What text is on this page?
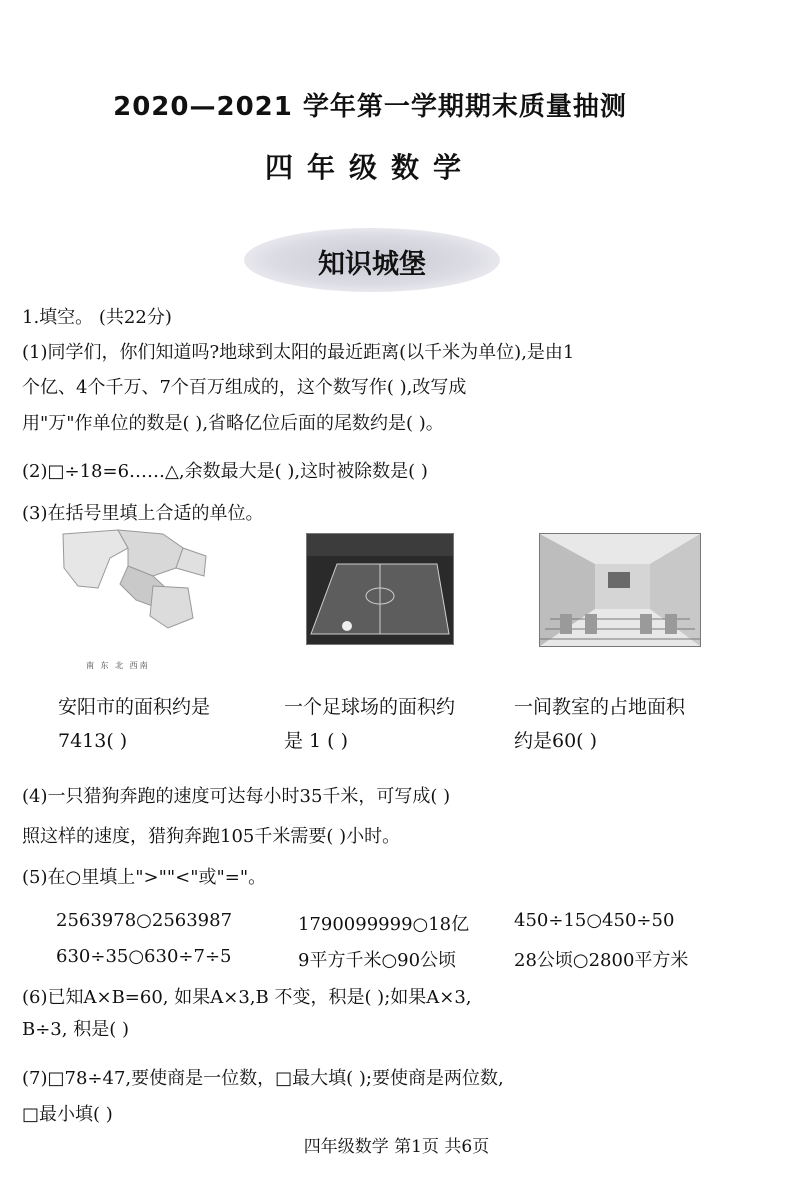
2020—2021 学年第一学期期末质量抽测
四年级数学
知识城堡
1.填空。 (共22分)
(1)同学们，你们知道吗?地球到太阳的最近距离(以千米为单位),是由1
个亿、4个千万、7个百万组成的，这个数写作( ),改写成
用"万"作单位的数是( ),省略亿位后面的尾数约是( )。
(2)□÷18=6……△,余数最大是( ),这时被除数是( )
(3)在括号里填上合适的单位。
南 东 北 西南
安阳市的面积约是
7413( )
一个足球场的面积约
是 1 ( )
一间教室的占地面积
约是60( )
(4)一只猎狗奔跑的速度可达每小时35千米，可写成( )
照这样的速度，猎狗奔跑105千米需要( )小时。
(5)在○里填上">""<"或"="。
2563978○2563987	1790099999○18亿 450÷15○450÷50
630÷35○630÷7÷5	9平方千米○90公顷	28公顷○2800平方米
(6)已知A×B=60, 如果A×3,B 不变，积是( );如果A×3,
B÷3, 积是( )
(7)□78÷47,要使商是一位数，□最大填( );要使商是两位数,
□最小填( )
四年级数学 第1页 共6页
